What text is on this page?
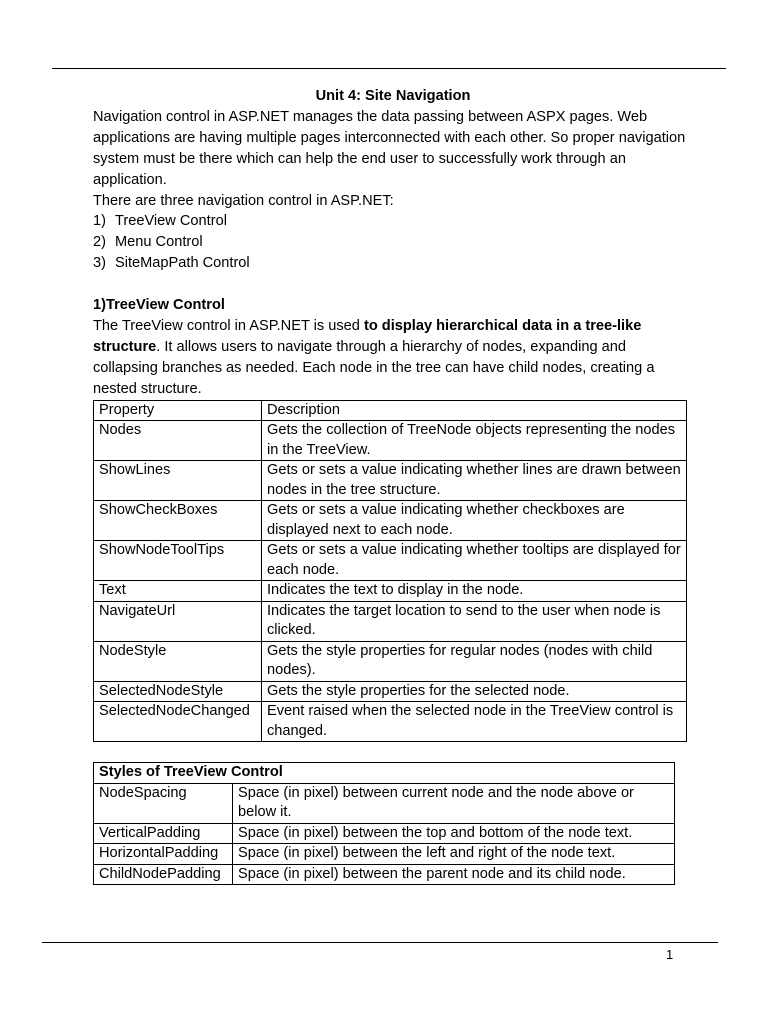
Unit 4: Site Navigation

Navigation control in ASP.NET manages the data passing between ASPX pages. Web applications are having multiple pages interconnected with each other. So proper navigation system must be there which can help the end user to successfully work through an application.

There are three navigation control in ASP.NET:

1) TreeView Control
2) Menu Control
3) SiteMapPath Control

1)TreeView Control

The TreeView control in ASP.NET is used to display hierarchical data in a tree-like structure. It allows users to navigate through a hierarchy of nodes, expanding and collapsing branches as needed. Each node in the tree can have child nodes, creating a nested structure.

Property	Description
Nodes	Gets the collection of TreeNode objects representing the nodes in the TreeView.
ShowLines	Gets or sets a value indicating whether lines are drawn between nodes in the tree structure.
ShowCheckBoxes	Gets or sets a value indicating whether checkboxes are displayed next to each node.
ShowNodeToolTips	Gets or sets a value indicating whether tooltips are displayed for each node.
Text	Indicates the text to display in the node.
NavigateUrl	Indicates the target location to send to the user when node is clicked.
NodeStyle	Gets the style properties for regular nodes (nodes with child nodes).
SelectedNodeStyle	Gets the style properties for the selected node.
SelectedNodeChanged	Event raised when the selected node in the TreeView control is changed.
Styles of TreeView Control	
NodeSpacing	Space (in pixel) between current node and the node above or below it.
VerticalPadding	Space (in pixel) between the top and bottom of the node text.
HorizontalPadding	Space (in pixel) between the left and right of the node text.
ChildNodePadding	Space (in pixel) between the parent node and its child node.
1
